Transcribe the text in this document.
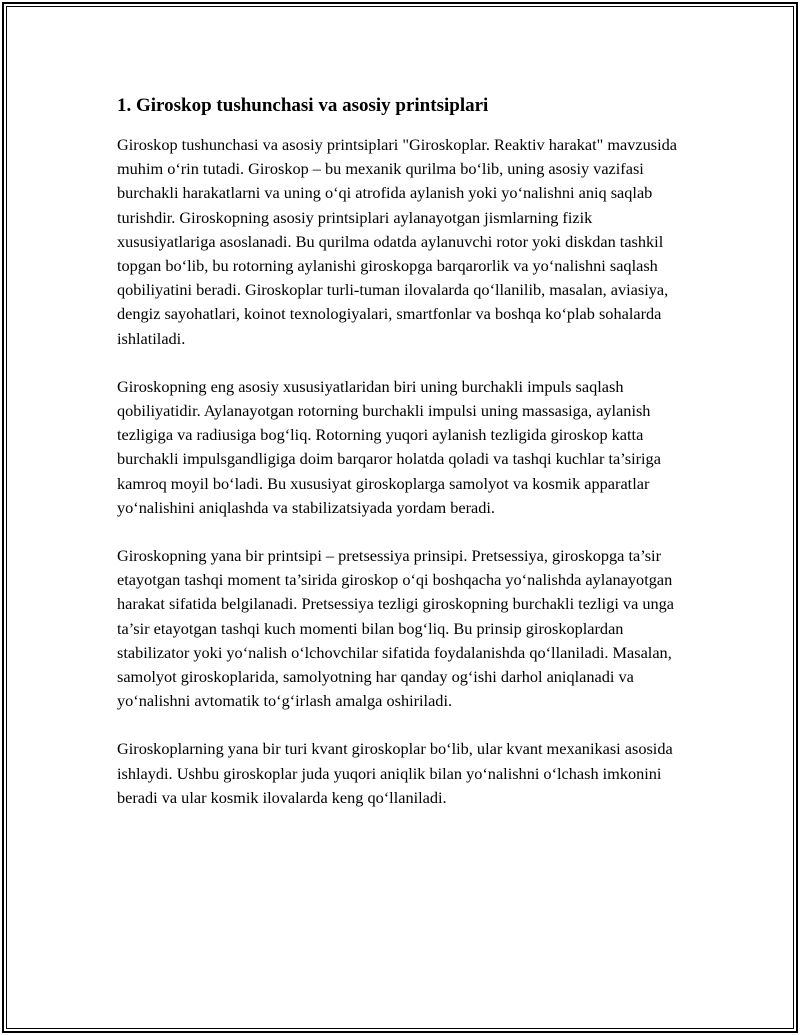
1. Giroskop tushunchasi va asosiy printsiplari

Giroskop tushunchasi va asosiy printsiplari "Giroskoplar. Reaktiv harakat" mavzusida muhim o‘rin tutadi. Giroskop – bu mexanik qurilma bo‘lib, uning asosiy vazifasi burchakli harakatlarni va uning o‘qi atrofida aylanish yoki yo‘nalishni aniq saqlab turishdir. Giroskopning asosiy printsiplari aylanayotgan jismlarning fizik xususiyatlariga asoslanadi. Bu qurilma odatda aylanuvchi rotor yoki diskdan tashkil topgan bo‘lib, bu rotorning aylanishi giroskopga barqarorlik va yo‘nalishni saqlash qobiliyatini beradi. Giroskoplar turli-tuman ilovalarda qo‘llanilib, masalan, aviasiya, dengiz sayohatlari, koinot texnologiyalari, smartfonlar va boshqa ko‘plab sohalarda ishlatiladi.

Giroskopning eng asosiy xususiyatlaridan biri uning burchakli impuls saqlash qobiliyatidir. Aylanayotgan rotorning burchakli impulsi uning massasiga, aylanish tezligiga va radiusiga bog‘liq. Rotorning yuqori aylanish tezligida giroskop katta burchakli impulsgandligiga doim barqaror holatda qoladi va tashqi kuchlar ta’siriga kamroq moyil bo‘ladi. Bu xususiyat giroskoplarga samolyot va kosmik apparatlar yo‘nalishini aniqlashda va stabilizatsiyada yordam beradi.

Giroskopning yana bir printsipi – pretsessiya prinsipi. Pretsessiya, giroskopga ta’sir etayotgan tashqi moment ta’sirida giroskop o‘qi boshqacha yo‘nalishda aylanayotgan harakat sifatida belgilanadi. Pretsessiya tezligi giroskopning burchakli tezligi va unga ta’sir etayotgan tashqi kuch momenti bilan bog‘liq. Bu prinsip giroskoplardan stabilizator yoki yo‘nalish o‘lchovchilar sifatida foydalanishda qo‘llaniladi. Masalan, samolyot giroskoplarida, samolyotning har qanday og‘ishi darhol aniqlanadi va yo‘nalishni avtomatik to‘g‘irlash amalga oshiriladi.

Giroskoplarning yana bir turi kvant giroskoplar bo‘lib, ular kvant mexanikasi asosida ishlaydi. Ushbu giroskoplar juda yuqori aniqlik bilan yo‘nalishni o‘lchash imkonini beradi va ular kosmik ilovalarda keng qo‘llaniladi.
